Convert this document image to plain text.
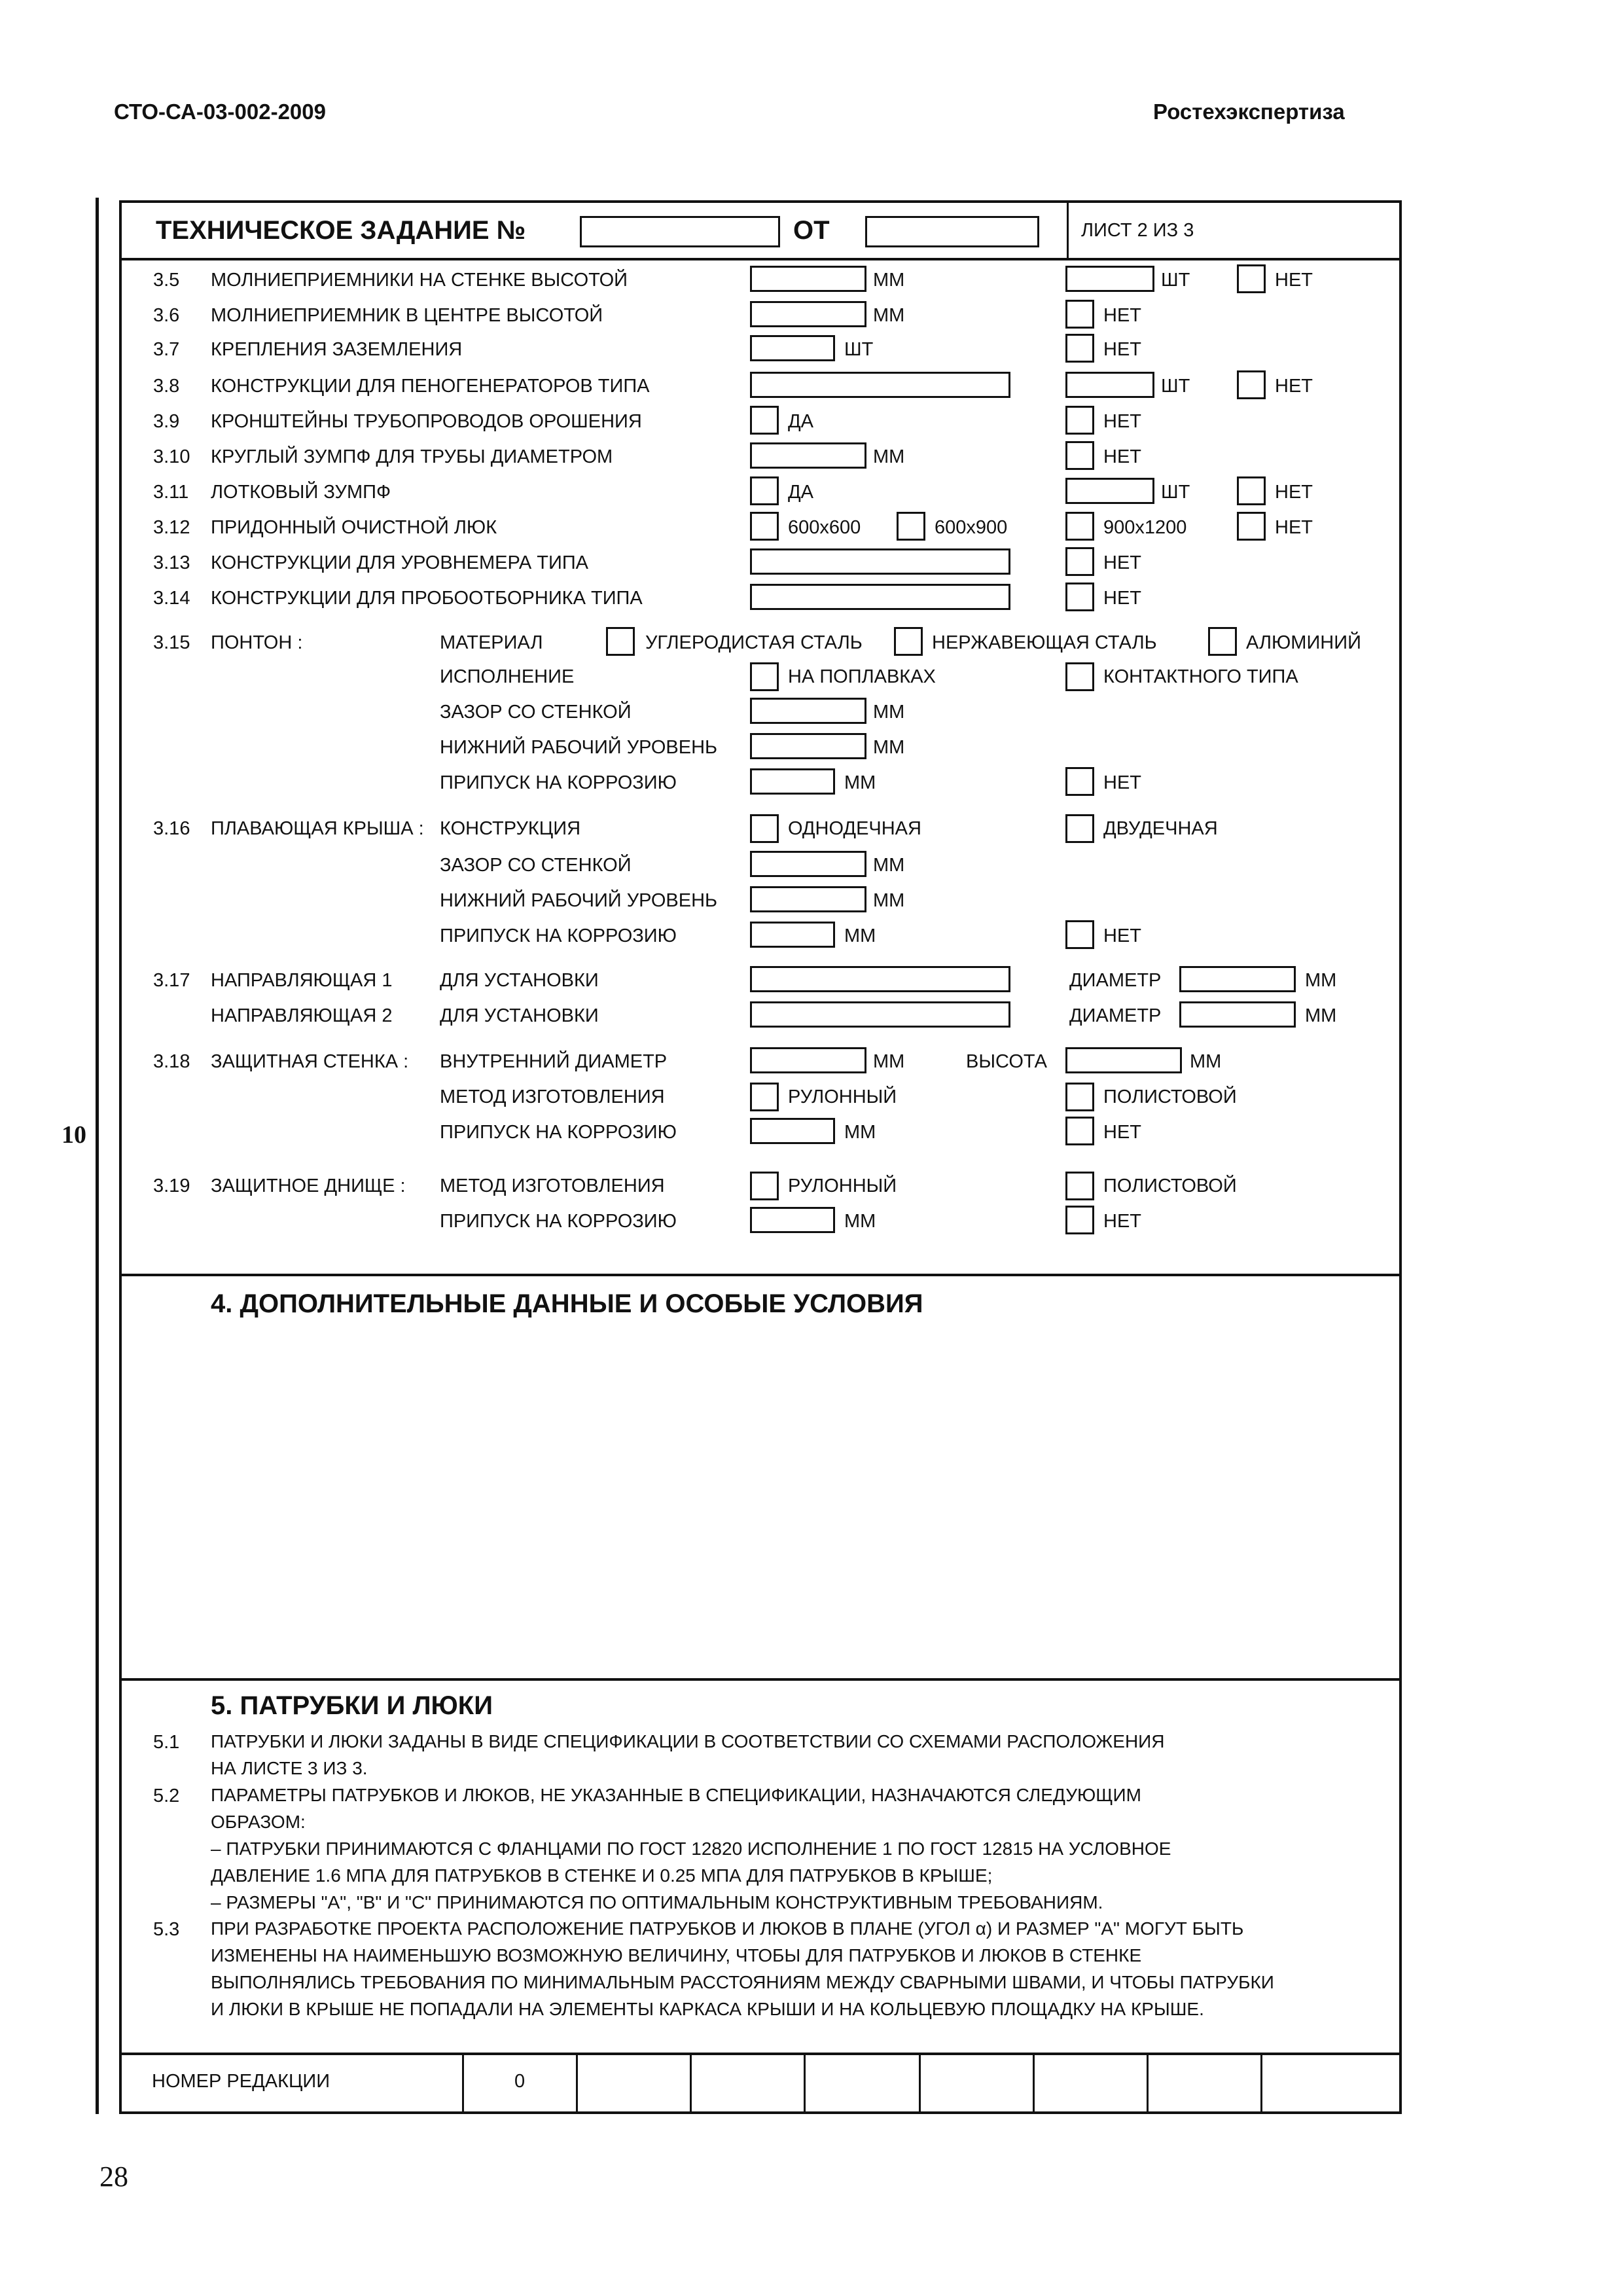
СТО-СА-03-002-2009	Ростехэкспертиза
10
ТЕХНИЧЕСКОЕ ЗАДАНИЕ №	ОТ	ЛИСТ 2 ИЗ 3
3.5 МОЛНИЕПРИЕМНИКИ НА СТЕНКЕ ВЫСОТОЙ	ММ	ШТ	НЕТ
3.6 МОЛНИЕПРИЕМНИК В ЦЕНТРЕ ВЫСОТОЙ	ММ	НЕТ
3.7 КРЕПЛЕНИЯ ЗАЗЕМЛЕНИЯ	ШТ	НЕТ
3.8 КОНСТРУКЦИИ ДЛЯ ПЕНОГЕНЕРАТОРОВ ТИПА	ШТ	НЕТ
3.9 КРОНШТЕЙНЫ ТРУБОПРОВОДОВ ОРОШЕНИЯ	ДА	НЕТ
3.10 КРУГЛЫЙ ЗУМПФ ДЛЯ ТРУБЫ ДИАМЕТРОМ	ММ	НЕТ
3.11 ЛОТКОВЫЙ ЗУМПФ	ДА	ШТ	НЕТ
3.12 ПРИДОННЫЙ ОЧИСТНОЙ ЛЮК	600х600	600х900	900х1200	НЕТ
3.13 КОНСТРУКЦИИ ДЛЯ УРОВНЕМЕРА ТИПА	НЕТ
3.14 КОНСТРУКЦИИ ДЛЯ ПРОБООТБОРНИКА ТИПА	НЕТ
3.15 ПОНТОН :	МАТЕРИАЛ	УГЛЕРОДИСТАЯ СТАЛЬ	НЕРЖАВЕЮЩАЯ СТАЛЬ	АЛЮМИНИЙ
ИСПОЛНЕНИЕ	НА ПОПЛАВКАХ	КОНТАКТНОГО ТИПА
ЗАЗОР СО СТЕНКОЙ	ММ
НИЖНИЙ РАБОЧИЙ УРОВЕНЬ	ММ
ПРИПУСК НА КОРРОЗИЮ	ММ	НЕТ
3.16 ПЛАВАЮЩАЯ КРЫША : КОНСТРУКЦИЯ	ОДНОДЕЧНАЯ	ДВУДЕЧНАЯ
ЗАЗОР СО СТЕНКОЙ	ММ
НИЖНИЙ РАБОЧИЙ УРОВЕНЬ	ММ
ПРИПУСК НА КОРРОЗИЮ	ММ	НЕТ
3.17 НАПРАВЛЯЮЩАЯ 1	ДЛЯ УСТАНОВКИ	ДИАМЕТР	ММ
НАПРАВЛЯЮЩАЯ 2	ДЛЯ УСТАНОВКИ	ДИАМЕТР	ММ
3.18 ЗАЩИТНАЯ СТЕНКА : ВНУТРЕННИЙ ДИАМЕТР	ММ	ВЫСОТА	ММ
МЕТОД ИЗГОТОВЛЕНИЯ	РУЛОННЫЙ	ПОЛИСТОВОЙ
ПРИПУСК НА КОРРОЗИЮ	ММ	НЕТ
3.19 ЗАЩИТНОЕ ДНИЩЕ : МЕТОД ИЗГОТОВЛЕНИЯ	РУЛОННЫЙ	ПОЛИСТОВОЙ
ПРИПУСК НА КОРРОЗИЮ	ММ	НЕТ
4. ДОПОЛНИТЕЛЬНЫЕ ДАННЫЕ И ОСОБЫЕ УСЛОВИЯ
5. ПАТРУБКИ И ЛЮКИ
5.1 ПАТРУБКИ И ЛЮКИ ЗАДАНЫ В ВИДЕ СПЕЦИФИКАЦИИ В СООТВЕТСТВИИ СО СХЕМАМИ РАСПОЛОЖЕНИЯ
НА ЛИСТЕ 3 ИЗ 3.
5.2 ПАРАМЕТРЫ ПАТРУБКОВ И ЛЮКОВ, НЕ УКАЗАННЫЕ В СПЕЦИФИКАЦИИ, НАЗНАЧАЮТСЯ СЛЕДУЮЩИМ
ОБРАЗОМ:
– ПАТРУБКИ ПРИНИМАЮТСЯ С ФЛАНЦАМИ ПО ГОСТ 12820 ИСПОЛНЕНИЕ 1 ПО ГОСТ 12815 НА УСЛОВНОЕ
ДАВЛЕНИЕ 1.6 МПА ДЛЯ ПАТРУБКОВ В СТЕНКЕ И 0.25 МПА ДЛЯ ПАТРУБКОВ В КРЫШЕ;
– РАЗМЕРЫ "А", "В" И "С" ПРИНИМАЮТСЯ ПО ОПТИМАЛЬНЫМ КОНСТРУКТИВНЫМ ТРЕБОВАНИЯМ.
5.3 ПРИ РАЗРАБОТКЕ ПРОЕКТА РАСПОЛОЖЕНИЕ ПАТРУБКОВ И ЛЮКОВ В ПЛАНЕ (УГОЛ α) И РАЗМЕР "А" МОГУТ БЫТЬ
ИЗМЕНЕНЫ НА НАИМЕНЬШУЮ ВОЗМОЖНУЮ ВЕЛИЧИНУ, ЧТОБЫ ДЛЯ ПАТРУБКОВ И ЛЮКОВ В СТЕНКЕ
ВЫПОЛНЯЛИСЬ ТРЕБОВАНИЯ ПО МИНИМАЛЬНЫМ РАССТОЯНИЯМ МЕЖДУ СВАРНЫМИ ШВАМИ, И ЧТОБЫ ПАТРУБКИ
И ЛЮКИ В КРЫШЕ НЕ ПОПАДАЛИ НА ЭЛЕМЕНТЫ КАРКАСА КРЫШИ И НА КОЛЬЦЕВУЮ ПЛОЩАДКУ НА КРЫШЕ.
НОМЕР РЕДАКЦИИ	0
28
